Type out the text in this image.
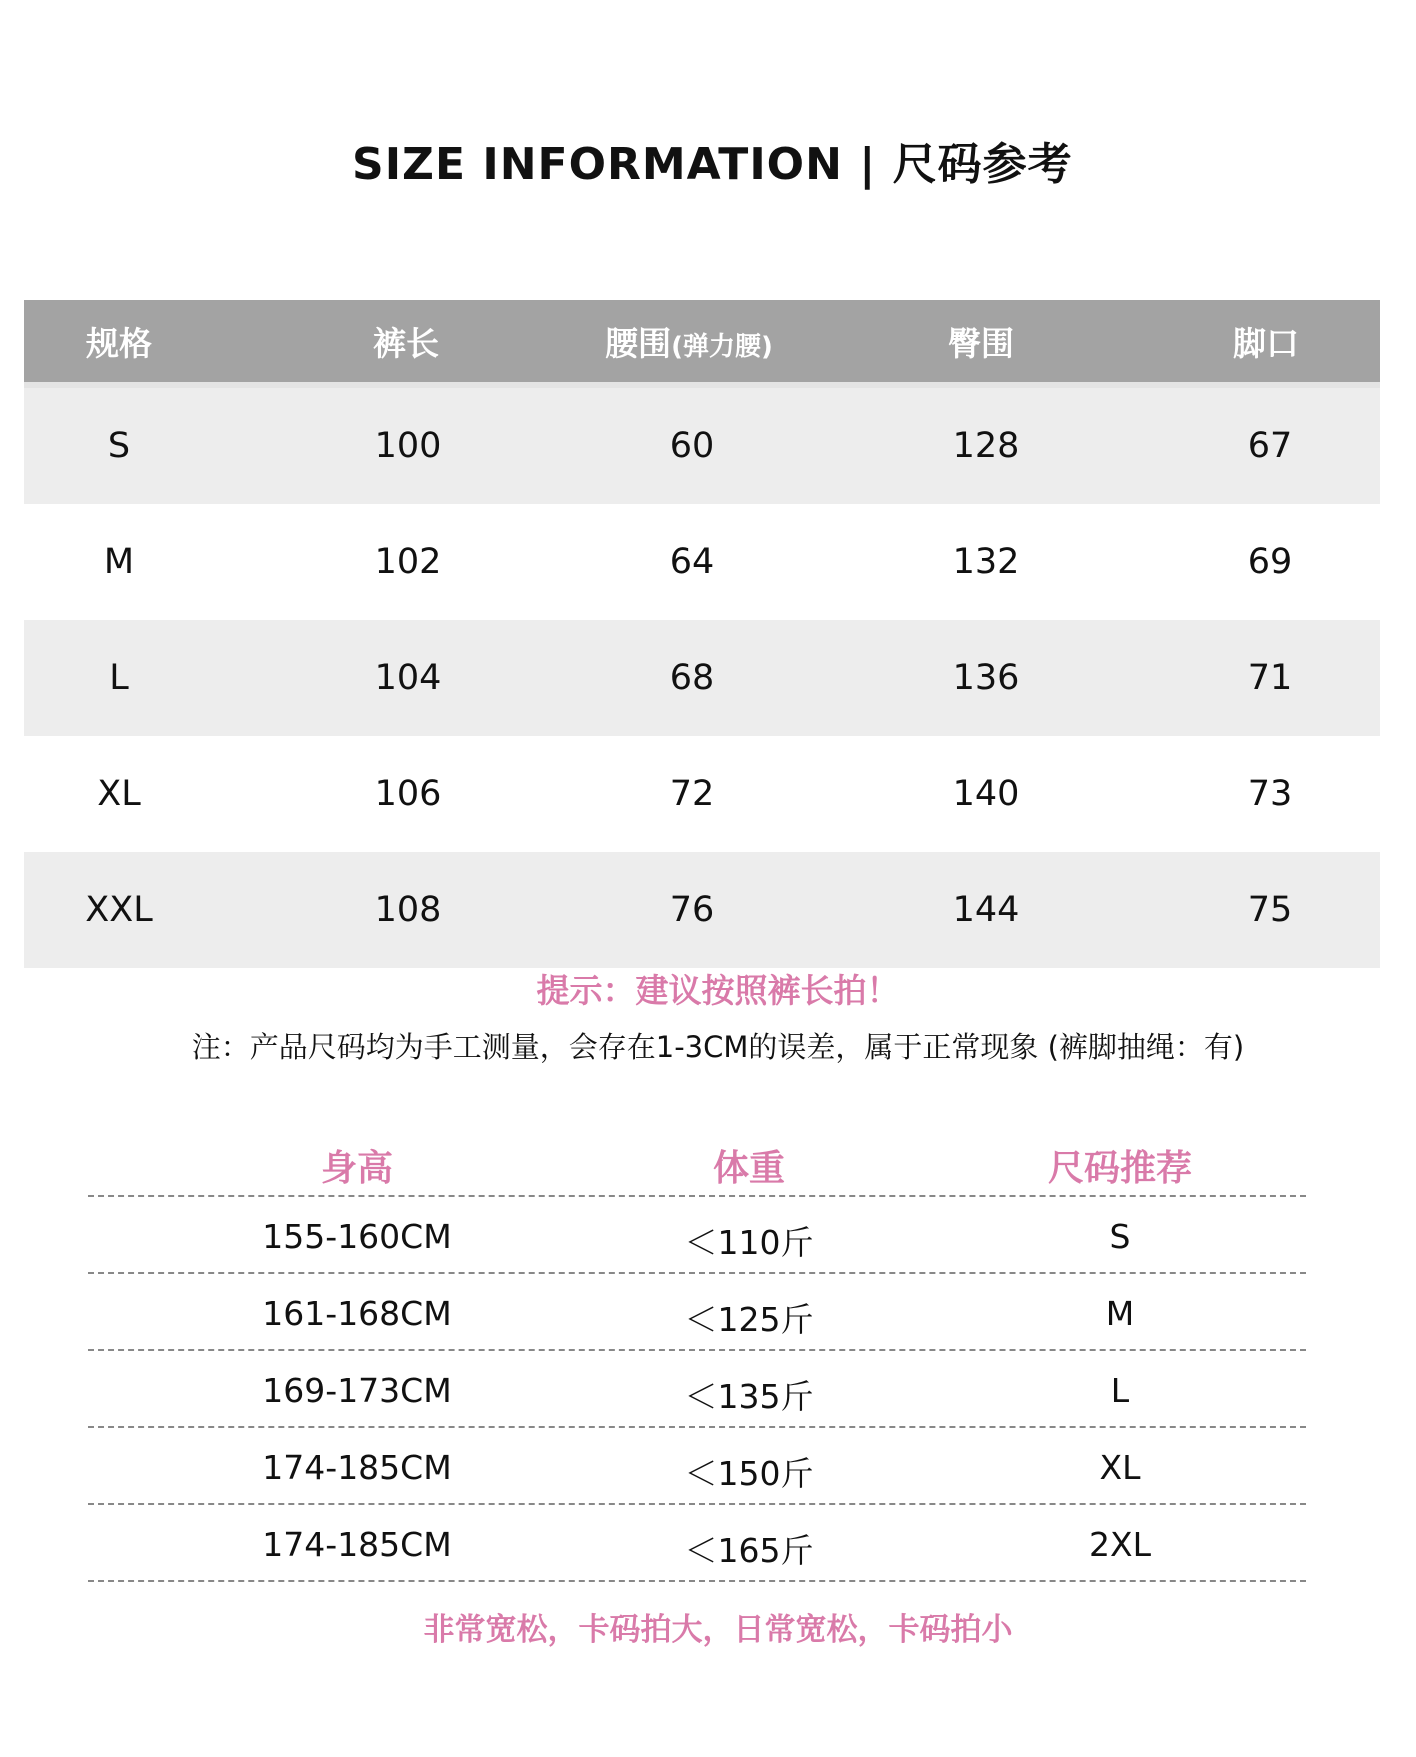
SIZE INFORMATION | 尺码参考
规格	裤长	腰围(弹力腰)	臀围	脚口
S	100	60	128	67
M	102	64	132	69
L	104	68	136	71
XL	106	72	140	73
XXL	108	76	144	75
提示：建议按照裤长拍！
注：产品尺码均为手工测量，会存在1-3CM的误差，属于正常现象 (裤脚抽绳：有)
身高	体重	尺码推荐
155-160CM	＜110斤	S
161-168CM	＜125斤	M
169-173CM	＜135斤	L
174-185CM	＜150斤	XL
174-185CM	＜165斤	2XL
非常宽松，卡码拍大，日常宽松，卡码拍小
